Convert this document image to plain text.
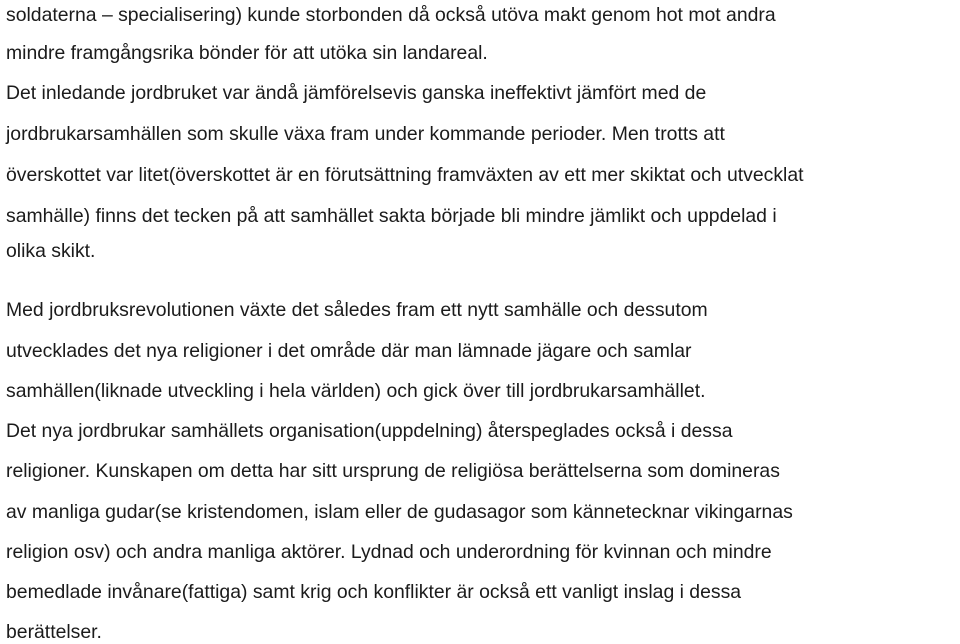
soldaterna – specialisering) kunde storbonden då också utöva makt genom hot mot andra

mindre framgångsrika bönder för att utöka sin landareal.

Det inledande jordbruket var ändå jämförelsevis ganska ineffektivt jämfört med de

jordbrukarsamhällen som skulle växa fram under kommande perioder. Men trotts att

överskottet var litet(överskottet är en förutsättning framväxten av ett mer skiktat och utvecklat

samhälle) finns det tecken på att samhället sakta började bli mindre jämlikt och uppdelad i

olika skikt.

Med jordbruksrevolutionen växte det således fram ett nytt samhälle och dessutom

utvecklades det nya religioner i det område där man lämnade jägare och samlar

samhällen(liknade utveckling i hela världen) och gick över till jordbrukarsamhället.

Det nya jordbrukar samhällets organisation(uppdelning) återspeglades också i dessa

religioner. Kunskapen om detta har sitt ursprung de religiösa berättelserna som domineras

av manliga gudar(se kristendomen, islam eller de gudasagor som kännetecknar vikingarnas

religion osv) och andra manliga aktörer. Lydnad och underordning för kvinnan och mindre

bemedlade invånare(fattiga) samt krig och konflikter är också ett vanligt inslag i dessa

berättelser.
